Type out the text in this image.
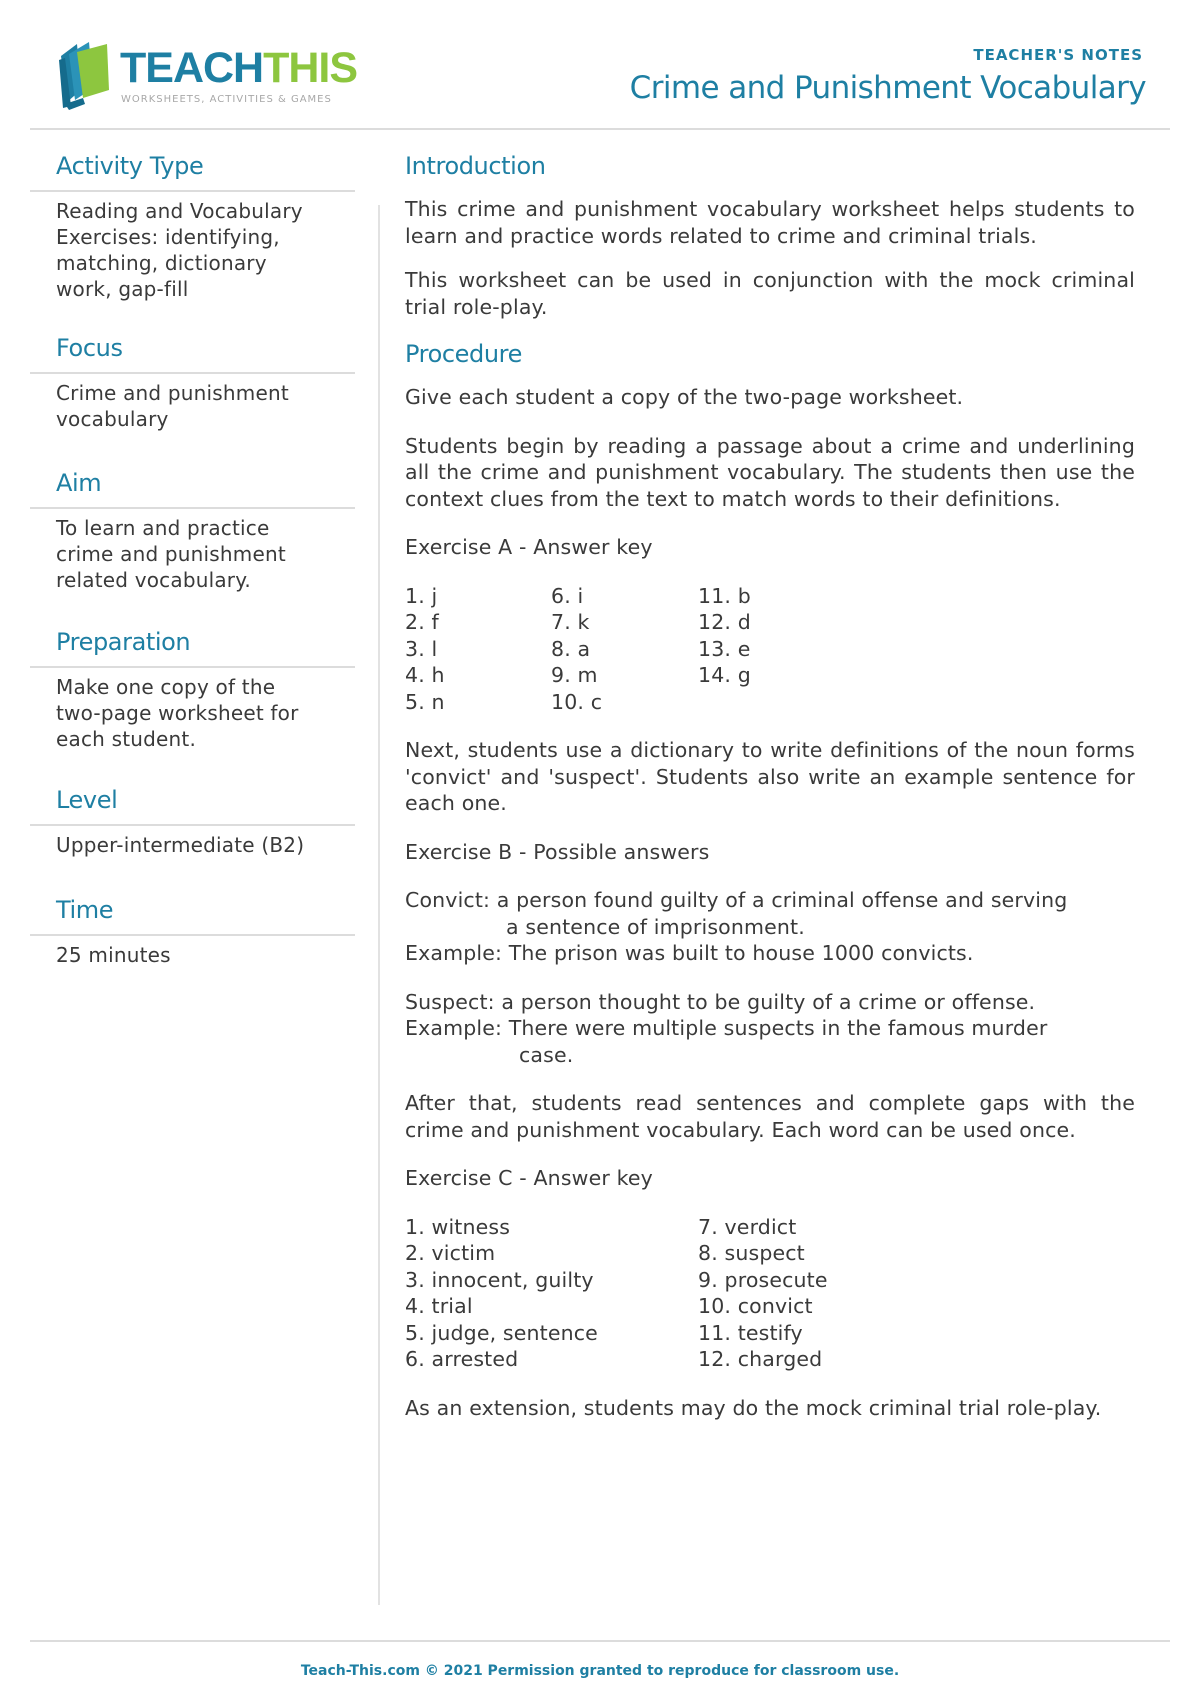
TEACHTHIS
WORKSHEETS, ACTIVITIES & GAMES
TEACHER'S NOTES
Crime and Punishment Vocabulary
Activity Type
Reading and Vocabulary
Exercises: identifying,
matching, dictionary
work, gap-fill
Focus
Crime and punishment
vocabulary
Aim
To learn and practice
crime and punishment
related vocabulary.
Preparation
Make one copy of the
two-page worksheet for
each student.
Level
Upper-intermediate (B2)
Time
25 minutes
Introduction

This crime and punishment vocabulary worksheet helps students to learn and practice words related to crime and criminal trials.

This worksheet can be used in conjunction with the mock criminal trial role-play.

Procedure

Give each student a copy of the two-page worksheet.

Students begin by reading a passage about a crime and underlining all the crime and punishment vocabulary. The students then use the context clues from the text to match words to their definitions.

Exercise A - Answer key

1. j
2. f
3. l
4. h
5. n
6. i
7. k
8. a
9. m
10. c
11. b
12. d
13. e
14. g

Next, students use a dictionary to write definitions of the noun forms 'convict' and 'suspect'. Students also write an example sentence for each one.

Exercise B - Possible answers

Convict: a person found guilty of a criminal offense and serving
a sentence of imprisonment.
Example: The prison was built to house 1000 convicts.
Suspect: a person thought to be guilty of a crime or offense.
Example: There were multiple suspects in the famous murder
case.

After that, students read sentences and complete gaps with the crime and punishment vocabulary. Each word can be used once.

Exercise C - Answer key

1. witness
2. victim
3. innocent, guilty
4. trial
5. judge, sentence
6. arrested
7. verdict
8. suspect
9. prosecute
10. convict
11. testify
12. charged

As an extension, students may do the mock criminal trial role-play.

Teach-This.com © 2021 Permission granted to reproduce for classroom use.
